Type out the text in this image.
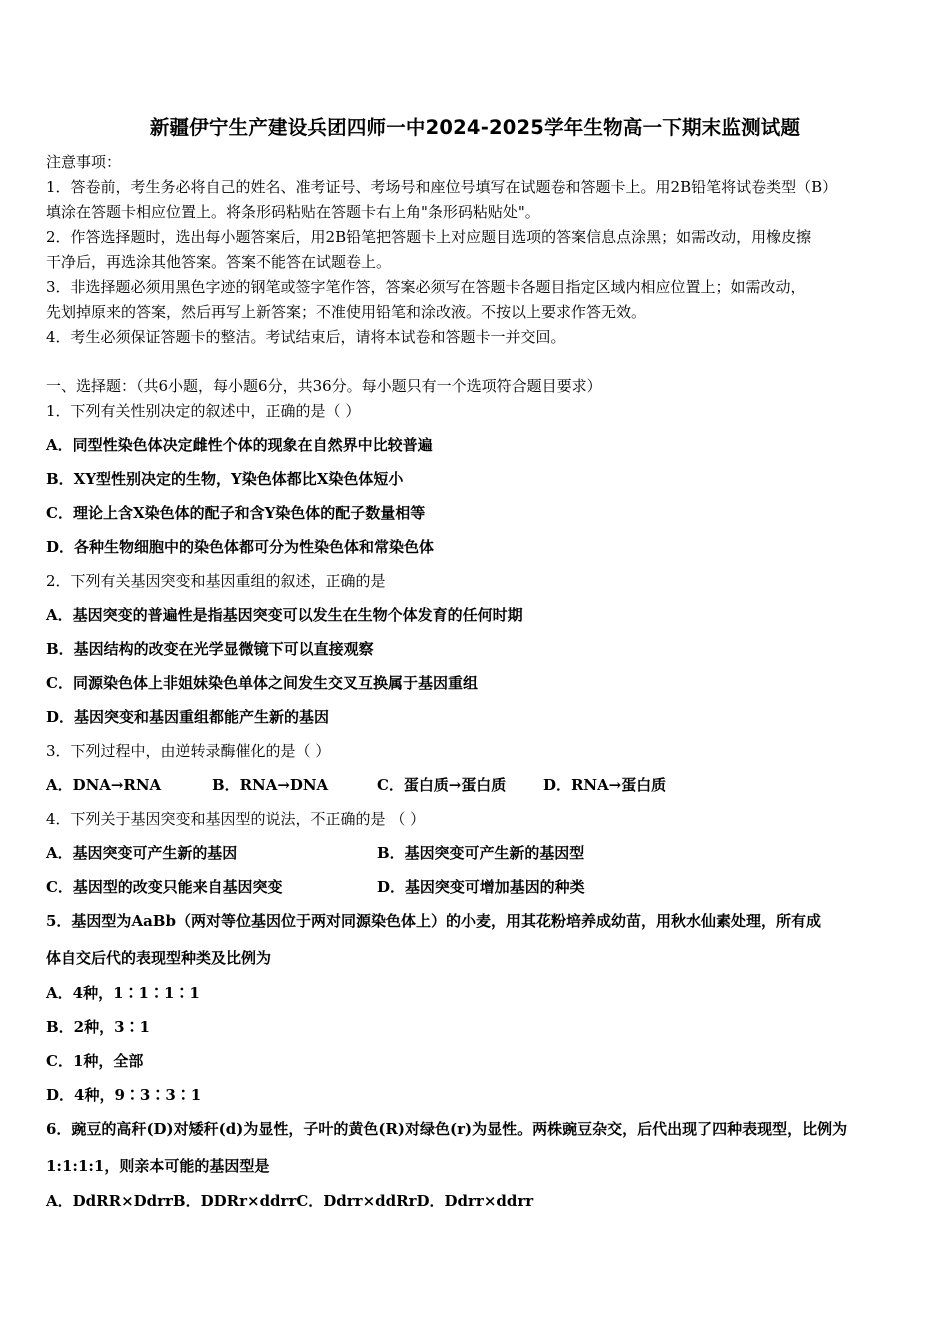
新疆伊宁生产建设兵团四师一中2024-2025学年生物高一下期末监测试题
注意事项：
1．答卷前，考生务必将自己的姓名、准考证号、考场号和座位号填写在试题卷和答题卡上。用2B铅笔将试卷类型（B）
填涂在答题卡相应位置上。将条形码粘贴在答题卡右上角"条形码粘贴处"。
2．作答选择题时，选出每小题答案后，用2B铅笔把答题卡上对应题目选项的答案信息点涂黑；如需改动，用橡皮擦
干净后，再选涂其他答案。答案不能答在试题卷上。
3．非选择题必须用黑色字迹的钢笔或签字笔作答，答案必须写在答题卡各题目指定区域内相应位置上；如需改动，
先划掉原来的答案，然后再写上新答案；不准使用铅笔和涂改液。不按以上要求作答无效。
4．考生必须保证答题卡的整洁。考试结束后，请将本试卷和答题卡一并交回。
一、选择题：（共6小题，每小题6分，共36分。每小题只有一个选项符合题目要求）
1．下列有关性别决定的叙述中，正确的是（ ）
A．同型性染色体决定雌性个体的现象在自然界中比较普遍
B．XY型性别决定的生物，Y染色体都比X染色体短小
C．理论上含X染色体的配子和含Y染色体的配子数量相等
D．各种生物细胞中的染色体都可分为性染色体和常染色体
2．下列有关基因突变和基因重组的叙述，正确的是
A．基因突变的普遍性是指基因突变可以发生在生物个体发育的任何时期
B．基因结构的改变在光学显微镜下可以直接观察
C．同源染色体上非姐妹染色单体之间发生交叉互换属于基因重组
D．基因突变和基因重组都能产生新的基因
3．下列过程中，由逆转录酶催化的是（ ）
A．DNA→RNA	B．RNA→DNA	C．蛋白质→蛋白质 D．RNA→蛋白质
4．下列关于基因突变和基因型的说法，不正确的是 （ ）
A．基因突变可产生新的基因	B．基因突变可产生新的基因型
C．基因型的改变只能来自基因突变	D．基因突变可增加基因的种类
5．基因型为AaBb（两对等位基因位于两对同源染色体上）的小麦，用其花粉培养成幼苗，用秋水仙素处理，所有成
体自交后代的表现型种类及比例为
A．4种，1∶1∶1∶1
B．2种，3∶1
C．1种，全部
D．4种，9∶3∶3∶1
6．豌豆的高秆(D)对矮秆(d)为显性，子叶的黄色(R)对绿色(r)为显性。两株豌豆杂交，后代出现了四种表现型，比例为
1:1:1:1，则亲本可能的基因型是
A．DdRR×DdrrB．DDRr×ddrrC．Ddrr×ddRrD．Ddrr×ddrr
